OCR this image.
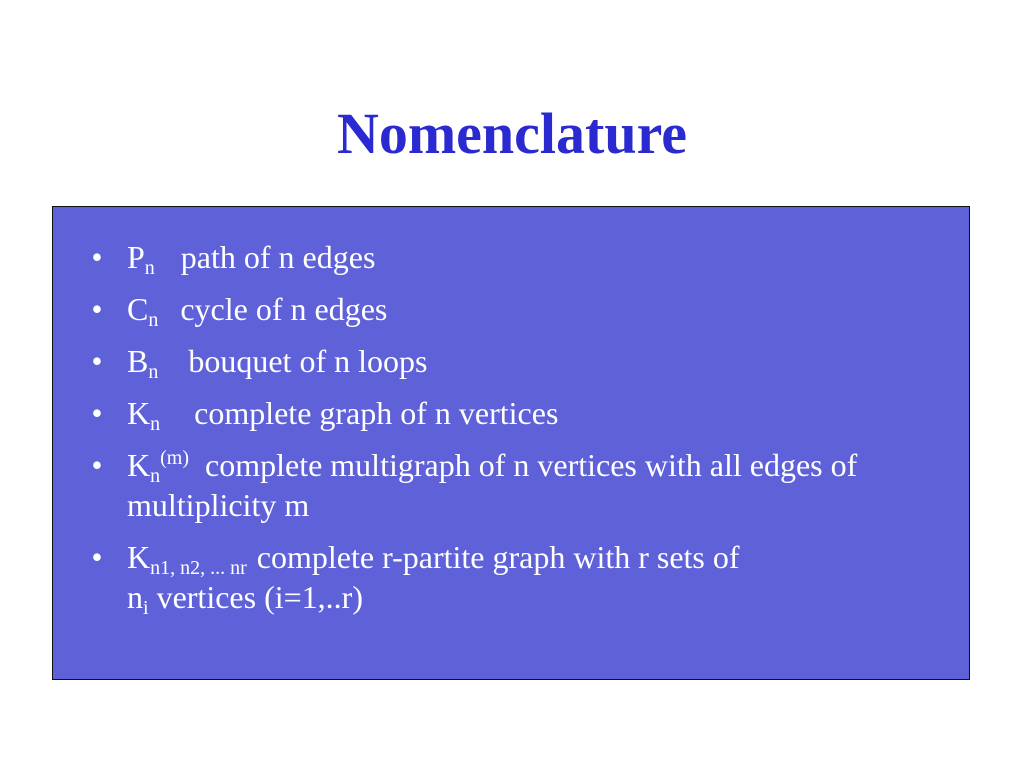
Nomenclature
• $P_n$ path of n edges
• $C_n$ cycle of n edges
• $B_n$ bouquet of n loops
• $K_n$ complete graph of n vertices
• $K_n^{(m)}$ complete multigraph of n vertices with all edges of multiplicity m
• $K_{n1, n2, ... nr}$ complete r-partite graph with r sets of
$n_i$ vertices (i=1,..r)
